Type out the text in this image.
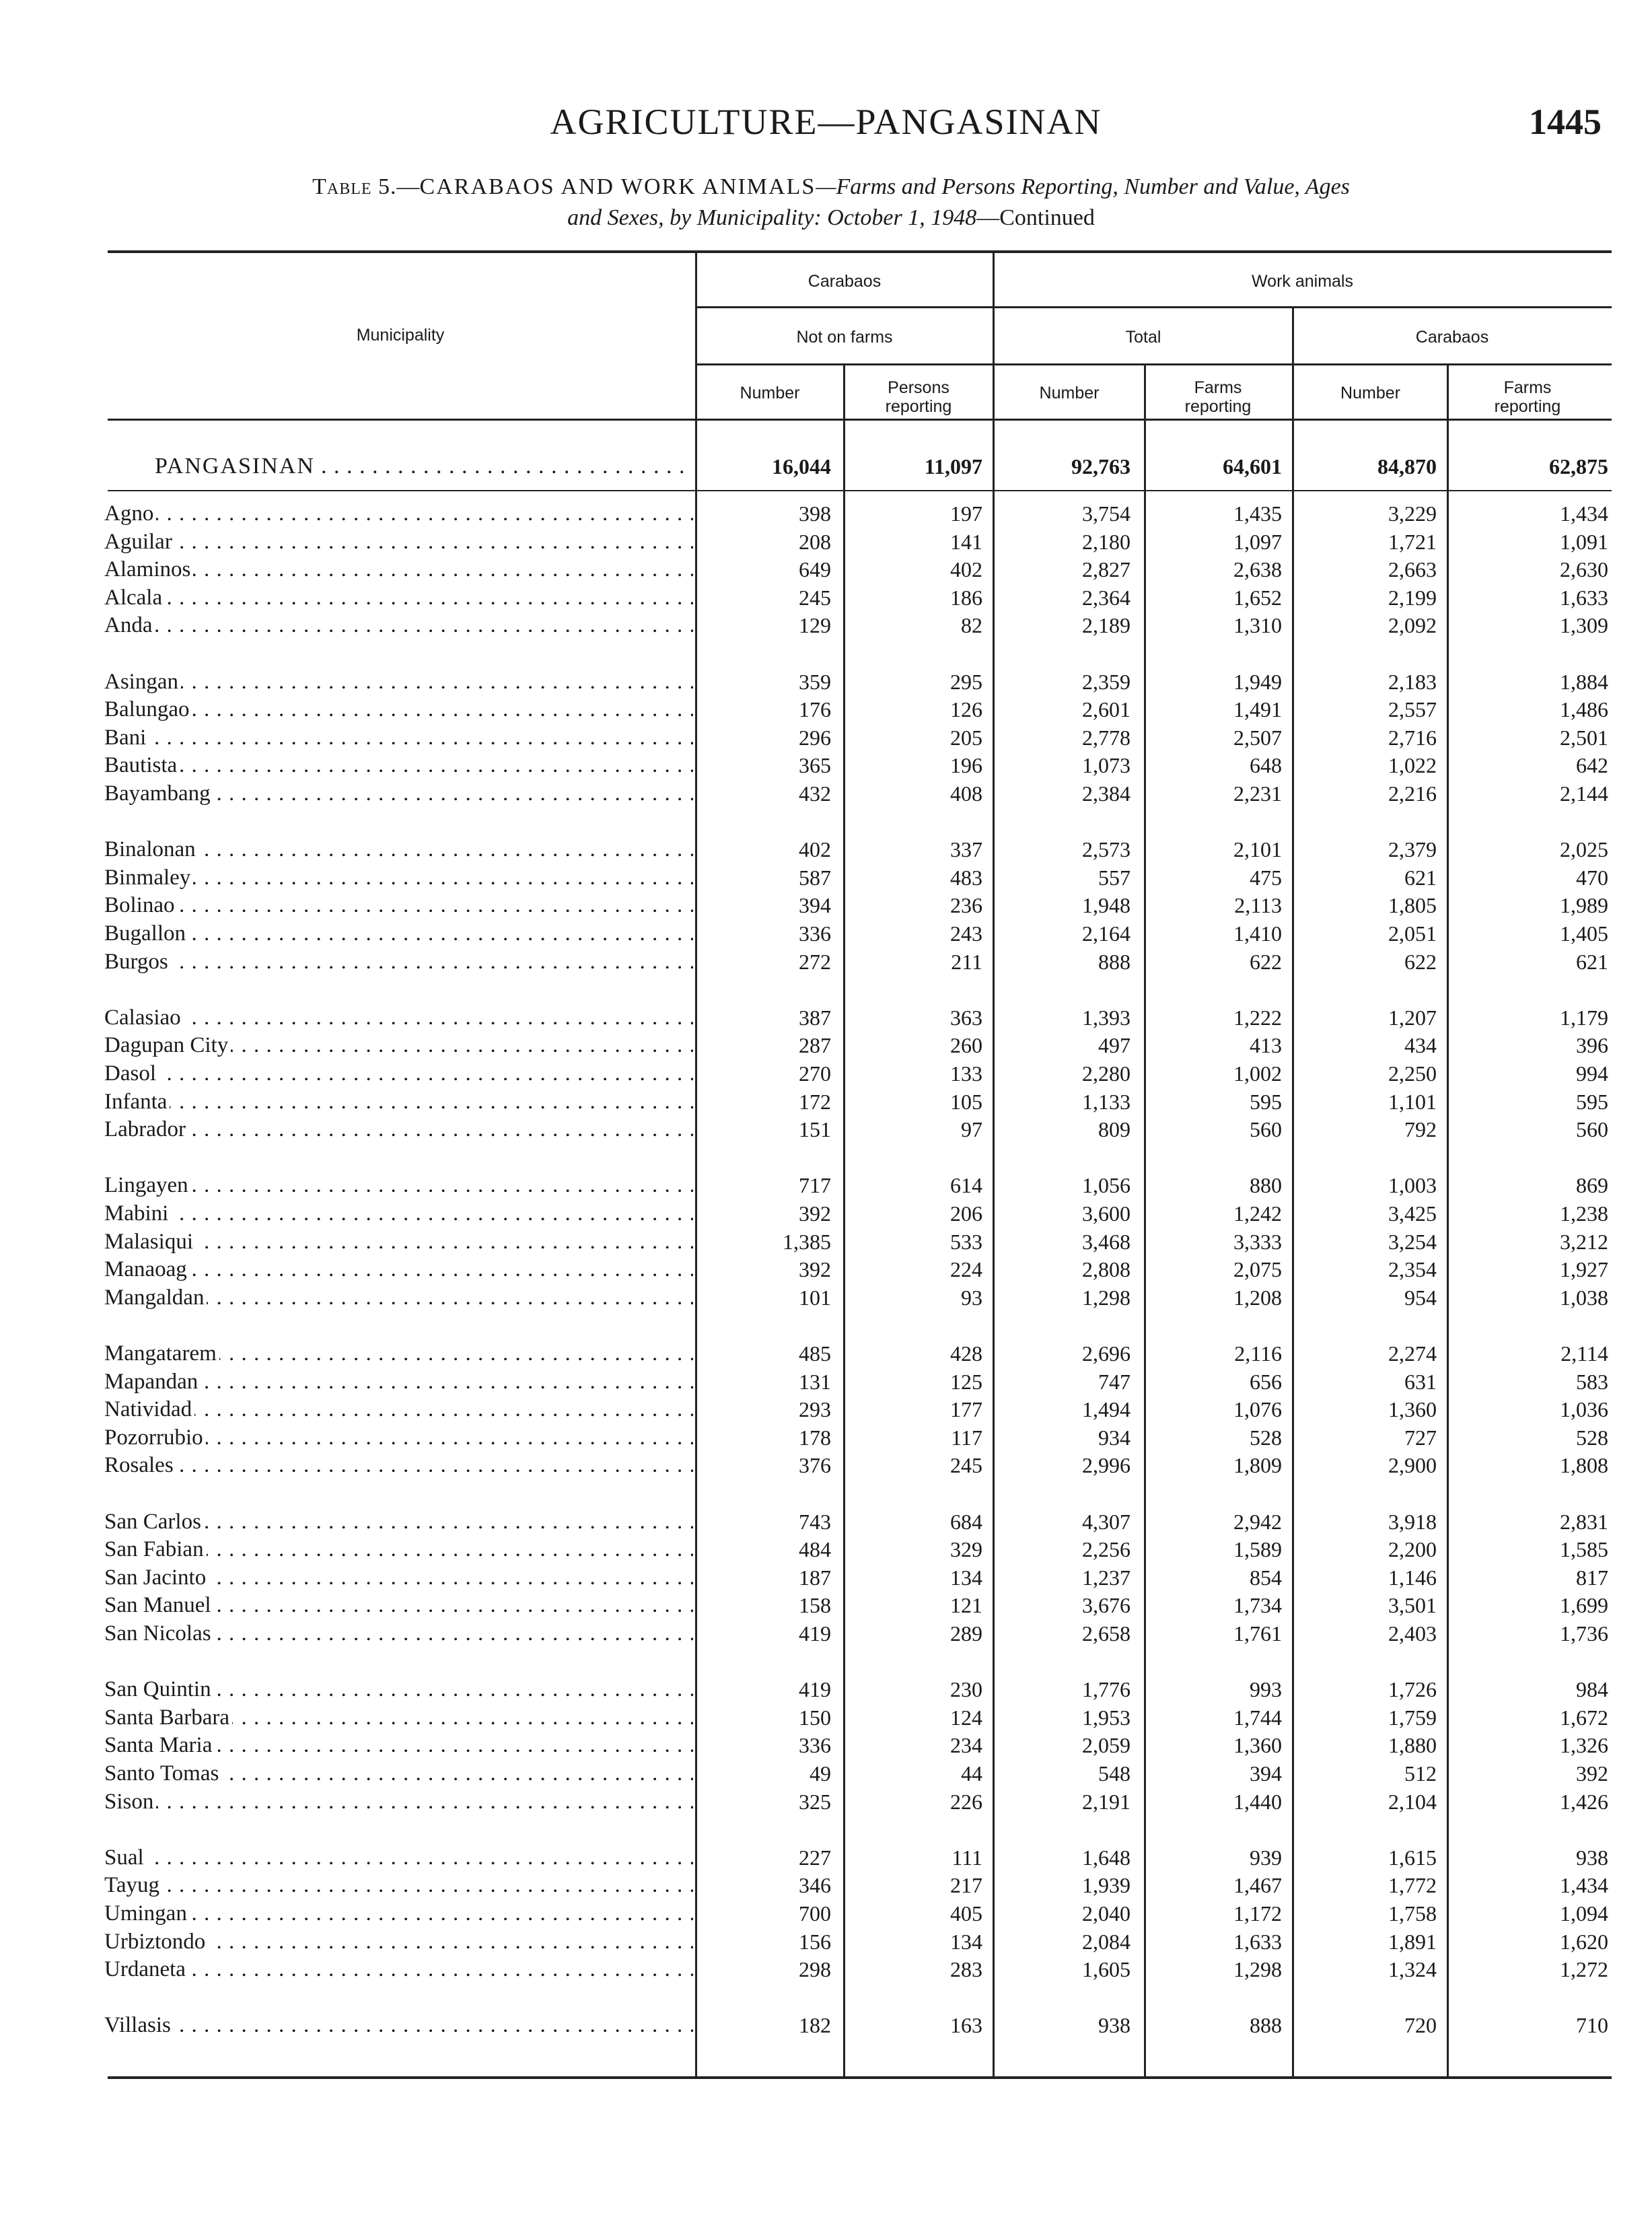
AGRICULTURE—PANGASINAN	1445
Table 5.—CARABAOS AND WORK ANIMALS—Farms and Persons Reporting, Number and Value, Ages
and Sexes, by Municipality: October 1, 1948—Continued
Municipality
Carabaos	Work animals
Not on farms	Total	Carabaos
Number	Persons reporting
Number	Farms reporting
Number	Farms reporting
PANGASINAN . . .	16,044	11,097	92,763	64,601	84,870	62,875
Agno . . .	398	197	3,754	1,435	3,229	1,434
Aguilar . . .	208	141	2,180	1,097	1,721	1,091
Alaminos . . .	649	402	2,827	2,638	2,663	2,630
Alcala . . .	245	186	2,364	1,652	2,199	1,633
Anda . . .	129	82	2,189	1,310	2,092	1,309
Asingan . . .	359	295	2,359	1,949	2,183	1,884
Balungao . . .	176	126	2,601	1,491	2,557	1,486
Bani . . .	296	205	2,778	2,507	2,716	2,501
Bautista . . .	365	196	1,073	648	1,022	642
Bayambang . . .	432	408	2,384	2,231	2,216	2,144
Binalonan . . .	402	337	2,573	2,101	2,379	2,025
Binmaley . . .	587	483	557	475	621	470
Bolinao . . .	394	236	1,948	2,113	1,805	1,989
Bugallon . . .	336	243	2,164	1,410	2,051	1,405
Burgos . . .	272	211	888	622	622	621
Calasiao . . .	387	363	1,393	1,222	1,207	1,179
Dagupan City . . .	287	260	497	413	434	396
Dasol . . .	270	133	2,280	1,002	2,250	994
Infanta . . .	172	105	1,133	595	1,101	595
Labrador . . .	151	97	809	560	792	560
Lingayen . . .	717	614	1,056	880	1,003	869
Mabini . . .	392	206	3,600	1,242	3,425	1,238
Malasiqui . . .	1,385	533	3,468	3,333	3,254	3,212
Manaoag . . .	392	224	2,808	2,075	2,354	1,927
Mangaldan . . .	101	93	1,298	1,208	954	1,038
Mangatarem . . .	485	428	2,696	2,116	2,274	2,114
Mapandan . . .	131	125	747	656	631	583
Natividad . . .	293	177	1,494	1,076	1,360	1,036
Pozorrubio . . .	178	117	934	528	727	528
Rosales . . .	376	245	2,996	1,809	2,900	1,808
San Carlos . . .	743	684	4,307	2,942	3,918	2,831
San Fabian . . .	484	329	2,256	1,589	2,200	1,585
San Jacinto . . .	187	134	1,237	854	1,146	817
San Manuel . . .	158	121	3,676	1,734	3,501	1,699
San Nicolas . . .	419	289	2,658	1,761	2,403	1,736
San Quintin . . .	419	230	1,776	993	1,726	984
Santa Barbara . . .	150	124	1,953	1,744	1,759	1,672
Santa Maria . . .	336	234	2,059	1,360	1,880	1,326
Santo Tomas . . .	49	44	548	394	512	392
Sison . . .	325	226	2,191	1,440	2,104	1,426
Sual . . .	227	111	1,648	939	1,615	938
Tayug . . .	346	217	1,939	1,467	1,772	1,434
Umingan . . .	700	405	2,040	1,172	1,758	1,094
Urbiztondo . . .	156	134	2,084	1,633	1,891	1,620
Urdaneta . . .	298	283	1,605	1,298	1,324	1,272
Villasis . . .	182	163	938	888	720	710
